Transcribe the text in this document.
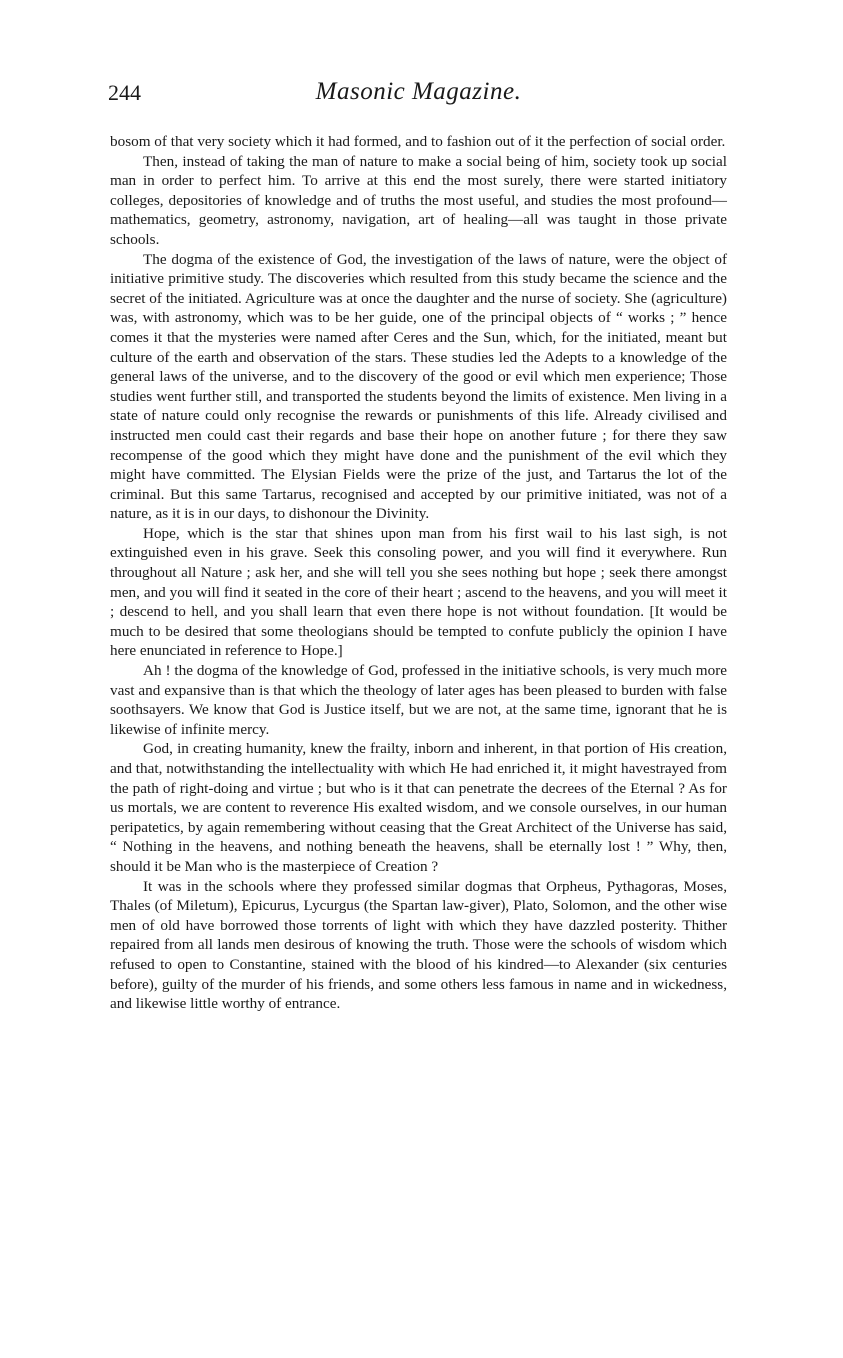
244	Masonic Magazine.

bosom of that very society which it had formed, and to fashion out of it the perfection of social order.

Then, instead of taking the man of nature to make a social being of him, society took up social man in order to perfect him. To arrive at this end the most surely, there were started initiatory colleges, depositories of knowledge and of truths the most useful, and studies the most profound—mathematics, geometry, astronomy, navigation, art of healing—all was taught in those private schools.

The dogma of the existence of God, the investigation of the laws of nature, were the object of initiative primitive study. The discoveries which resulted from this study became the science and the secret of the initiated. Agriculture was at once the daughter and the nurse of society. She (agriculture) was, with astronomy, which was to be her guide, one of the principal objects of “ works ; ” hence comes it that the mysteries were named after Ceres and the Sun, which, for the initiated, meant but culture of the earth and observation of the stars. These studies led the Adepts to a knowledge of the general laws of the universe, and to the discovery of the good or evil which men experience; Those studies went further still, and transported the students beyond the limits of existence. Men living in a state of nature could only recognise the rewards or punishments of this life. Already civilised and instructed men could cast their regards and base their hope on another future ; for there they saw recompense of the good which they might have done and the punishment of the evil which they might have committed. The Elysian Fields were the prize of the just, and Tartarus the lot of the criminal. But this same Tartarus, recognised and accepted by our primitive initiated, was not of a nature, as it is in our days, to dishonour the Divinity.

Hope, which is the star that shines upon man from his first wail to his last sigh, is not extinguished even in his grave. Seek this consoling power, and you will find it everywhere. Run throughout all Nature ; ask her, and she will tell you she sees nothing but hope ; seek there amongst men, and you will find it seated in the core of their heart ; ascend to the heavens, and you will meet it ; descend to hell, and you shall learn that even there hope is not without foundation. [It would be much to be desired that some theologians should be tempted to confute publicly the opinion I have here enunciated in reference to Hope.]

Ah ! the dogma of the knowledge of God, professed in the initiative schools, is very much more vast and expansive than is that which the theology of later ages has been pleased to burden with false soothsayers. We know that God is Justice itself, but we are not, at the same time, ignorant that he is likewise of infinite mercy.

God, in creating humanity, knew the frailty, inborn and inherent, in that portion of His creation, and that, notwithstanding the intellectuality with which He had enriched it, it might havestrayed from the path of right-doing and virtue ; but who is it that can penetrate the decrees of the Eternal ? As for us mortals, we are content to reverence His exalted wisdom, and we console ourselves, in our human peripatetics, by again remembering without ceasing that the Great Architect of the Universe has said, “ Nothing in the heavens, and nothing beneath the heavens, shall be eternally lost ! ” Why, then, should it be Man who is the masterpiece of Creation ?

It was in the schools where they professed similar dogmas that Orpheus, Pythagoras, Moses, Thales (of Miletum), Epicurus, Lycurgus (the Spartan law-giver), Plato, Solomon, and the other wise men of old have borrowed those torrents of light with which they have dazzled posterity. Thither repaired from all lands men desirous of knowing the truth. Those were the schools of wisdom which refused to open to Constantine, stained with the blood of his kindred—to Alexander (six centuries before), guilty of the murder of his friends, and some others less famous in name and in wickedness, and likewise little worthy of entrance.
